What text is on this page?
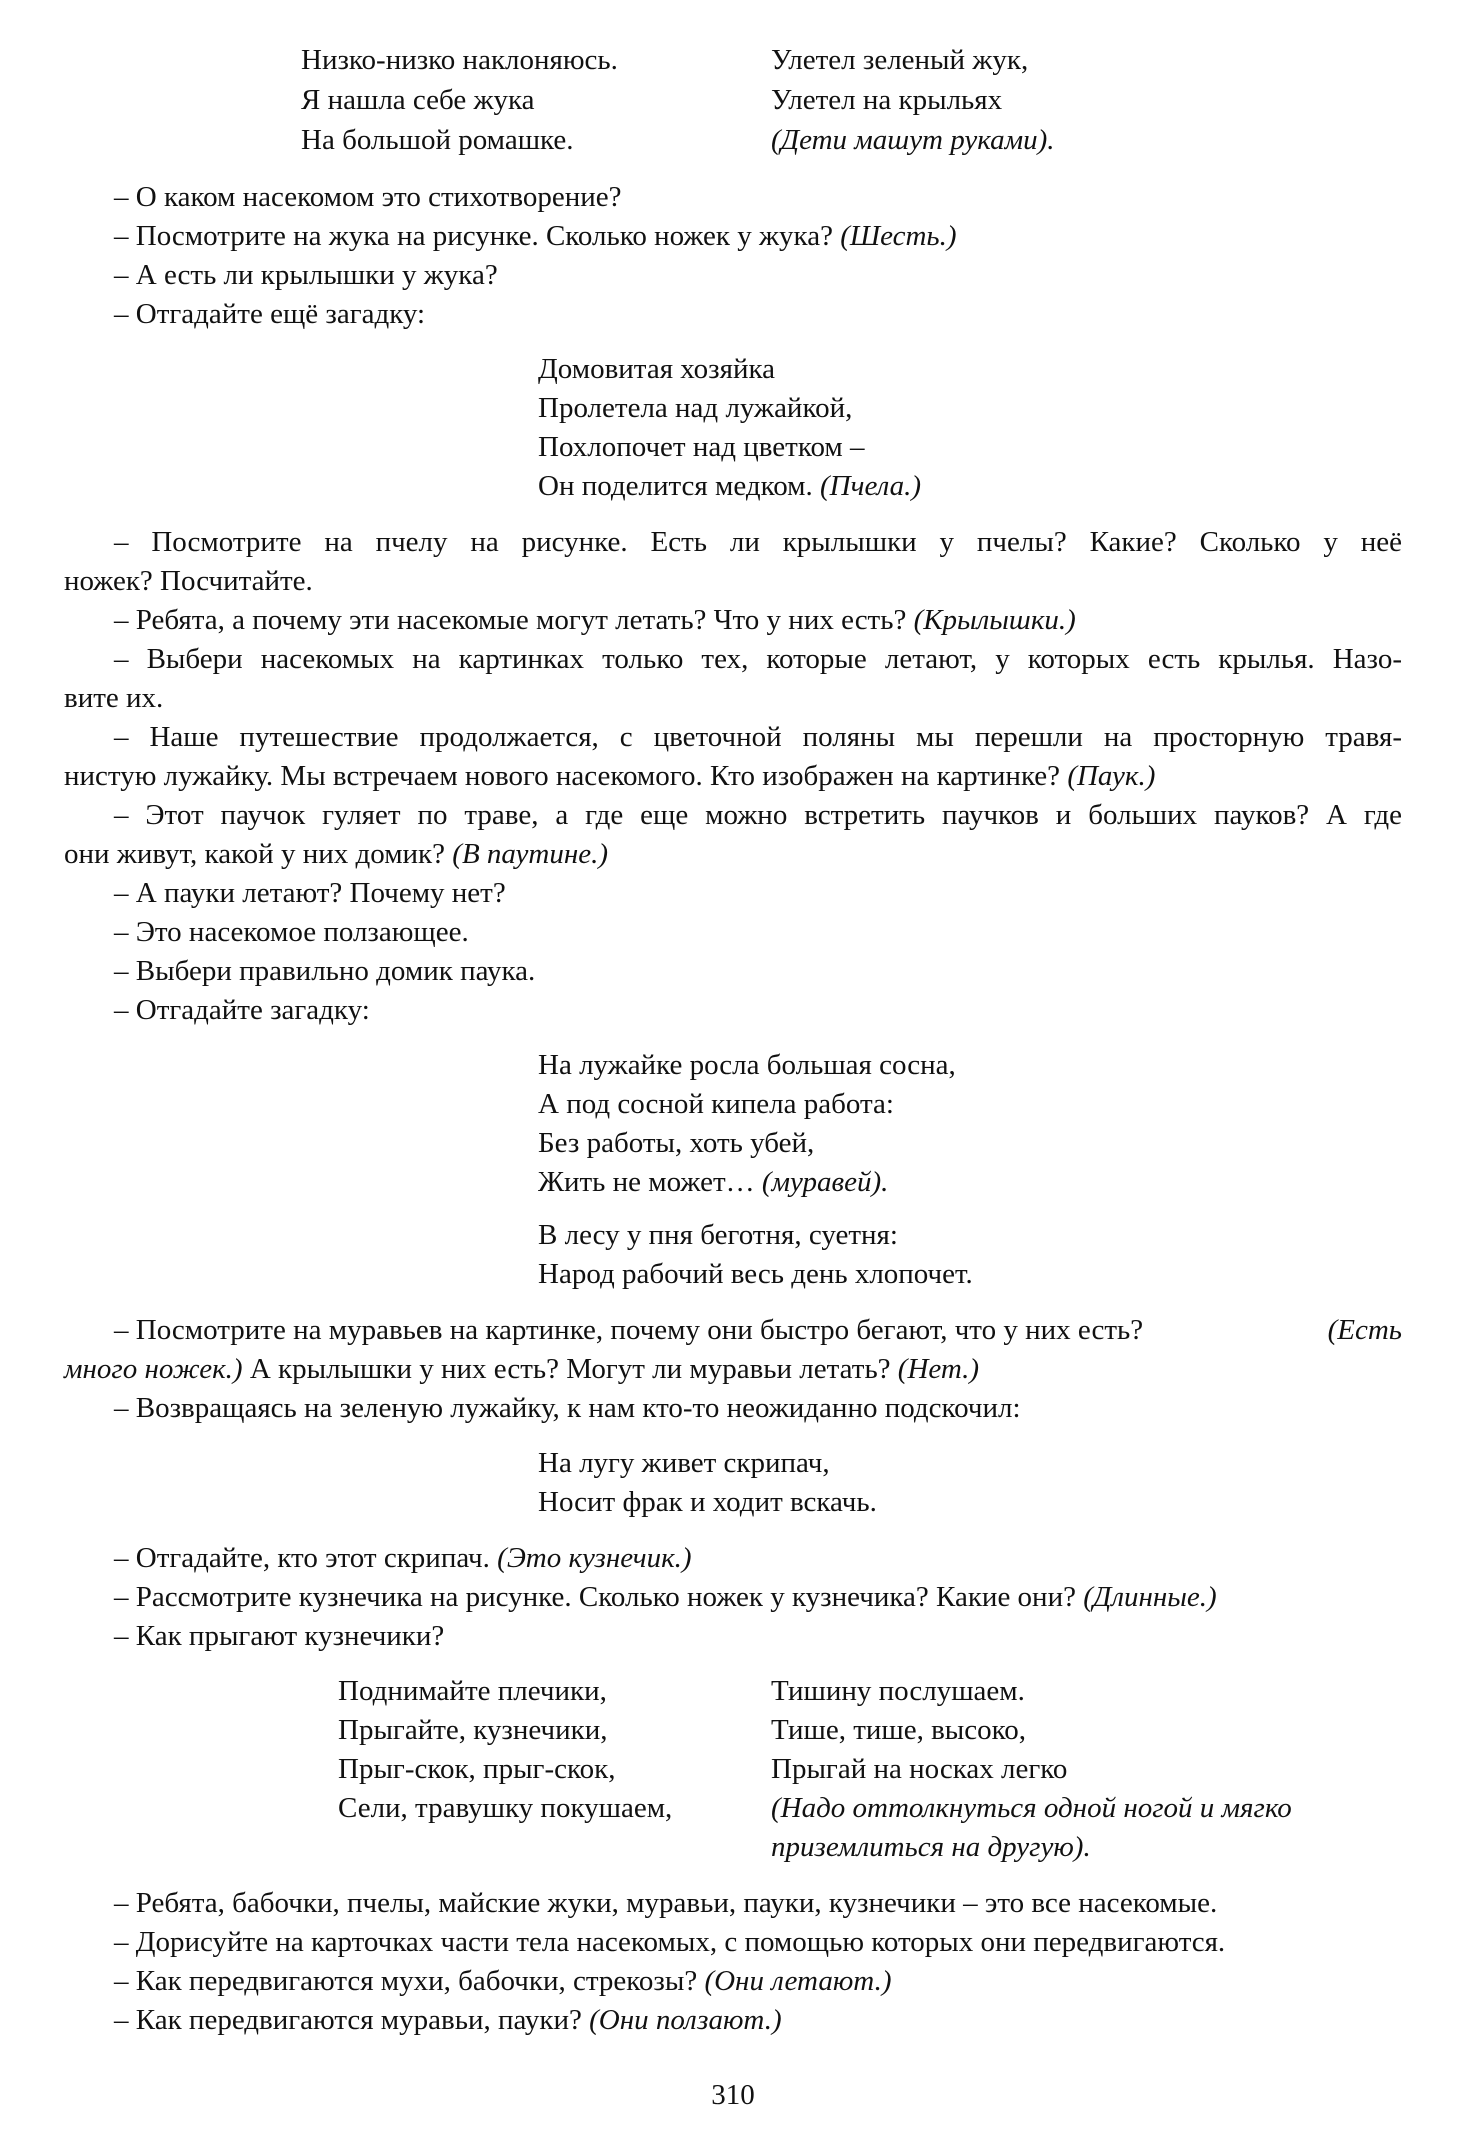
Низко-низко наклоняюсь.
Я нашла себе жука
На большой ромашке.
Улетел зеленый жук,
Улетел на крыльях
(Дети машут руками).
– О каком насекомом это стихотворение?
– Посмотрите на жука на рисунке. Сколько ножек у жука? (Шесть.)
– А есть ли крылышки у жука?
– Отгадайте ещё загадку:
Домовитая хозяйка
Пролетела над лужайкой,
Похлопочет над цветком –
Он поделится медком. (Пчела.)
– Посмотрите на пчелу на рисунке. Есть ли крылышки у пчелы? Какие? Сколько у неё
ножек? Посчитайте.
– Ребята, а почему эти насекомые могут летать? Что у них есть? (Крылышки.)
– Выбери насекомых на картинках только тех, которые летают, у которых есть крылья. Назо-
вите их.
– Наше путешествие продолжается, с цветочной поляны мы перешли на просторную травя-
нистую лужайку. Мы встречаем нового насекомого. Кто изображен на картинке? (Паук.)
– Этот паучок гуляет по траве, а где еще можно встретить паучков и больших пауков? А где
они живут, какой у них домик? (В паутине.)
– А пауки летают? Почему нет?
– Это насекомое ползающее.
– Выбери правильно домик паука.
– Отгадайте загадку:
На лужайке росла большая сосна,
А под сосной кипела работа:
Без работы, хоть убей,
Жить не может… (муравей).
В лесу у пня беготня, суетня:
Народ рабочий весь день хлопочет.
– Посмотрите на муравьев на картинке, почему они быстро бегают, что у них есть?	(Есть
много ножек.) А крылышки у них есть? Могут ли муравьи летать? (Нет.)
– Возвращаясь на зеленую лужайку, к нам кто-то неожиданно подскочил:
На лугу живет скрипач,
Носит фрак и ходит вскачь.
– Отгадайте, кто этот скрипач. (Это кузнечик.)
– Рассмотрите кузнечика на рисунке. Сколько ножек у кузнечика? Какие они? (Длинные.)
– Как прыгают кузнечики?
Поднимайте плечики,
Прыгайте, кузнечики,
Прыг-скок, прыг-скок,
Сели, травушку покушаем,
Тишину послушаем.
Тише, тише, высоко,
Прыгай на носках легко
(Надо оттолкнуться одной ногой и мягко
приземлиться на другую).
– Ребята, бабочки, пчелы, майские жуки, муравьи, пауки, кузнечики – это все насекомые.
– Дорисуйте на карточках части тела насекомых, с помощью которых они передвигаются.
– Как передвигаются мухи, бабочки, стрекозы? (Они летают.)
– Как передвигаются муравьи, пауки? (Они ползают.)
310
